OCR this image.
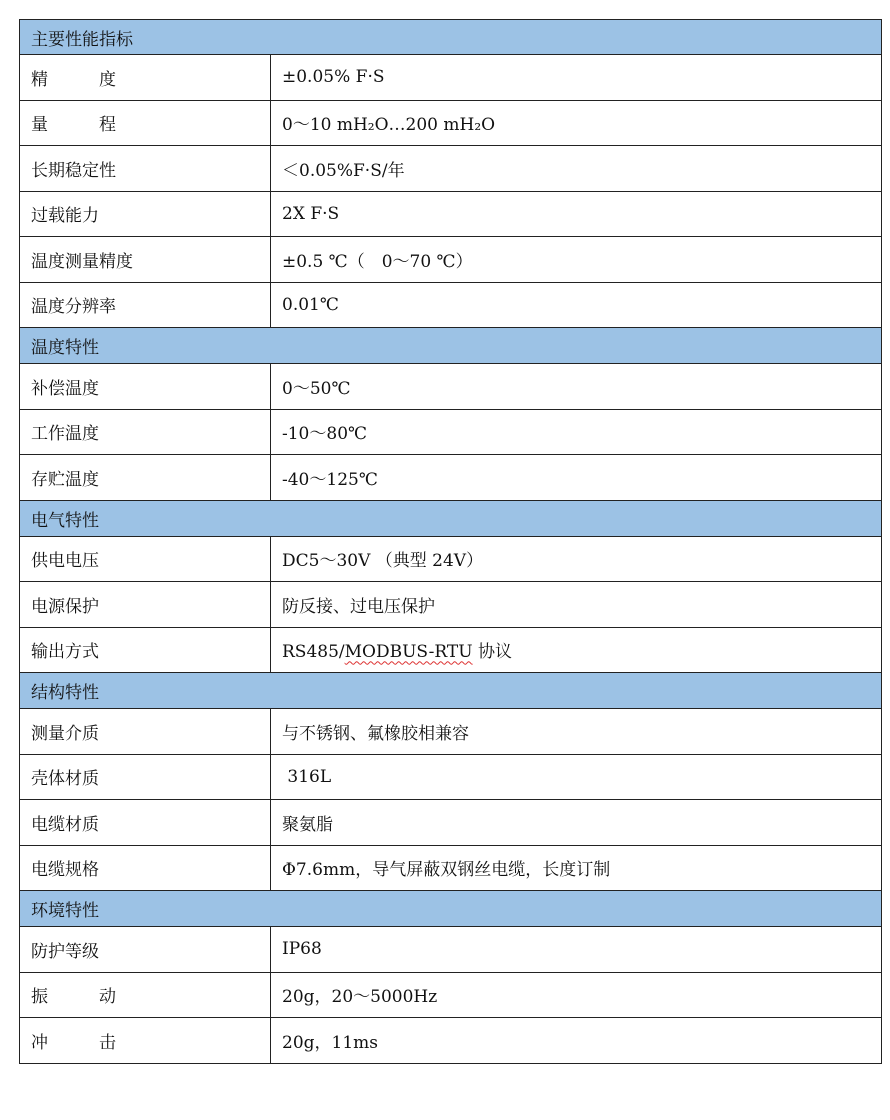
主要性能指标	
精　　　度	±0.05% F·S
量　　　程	0～10 mH₂O…200 mH₂O
长期稳定性	＜0.05%F·S/年
过载能力	2X F·S
温度测量精度	±0.5 ℃（　0～70 ℃）
温度分辨率	0.01℃
温度特性	
补偿温度	0～50℃
工作温度	-10～80℃
存贮温度	-40～125℃
电气特性	
供电电压	DC5～30V （典型 24V）
电源保护	防反接、过电压保护
输出方式	RS485/MODBUS-RTU 协议
结构特性	
测量介质	与不锈钢、氟橡胶相兼容
壳体材质	316L
电缆材质	聚氨脂
电缆规格	Φ7.6mm，导气屏蔽双钢丝电缆，长度订制
环境特性	
防护等级	IP68
振　　　动	20g，20～5000Hz
冲　　　击	20g，11ms
